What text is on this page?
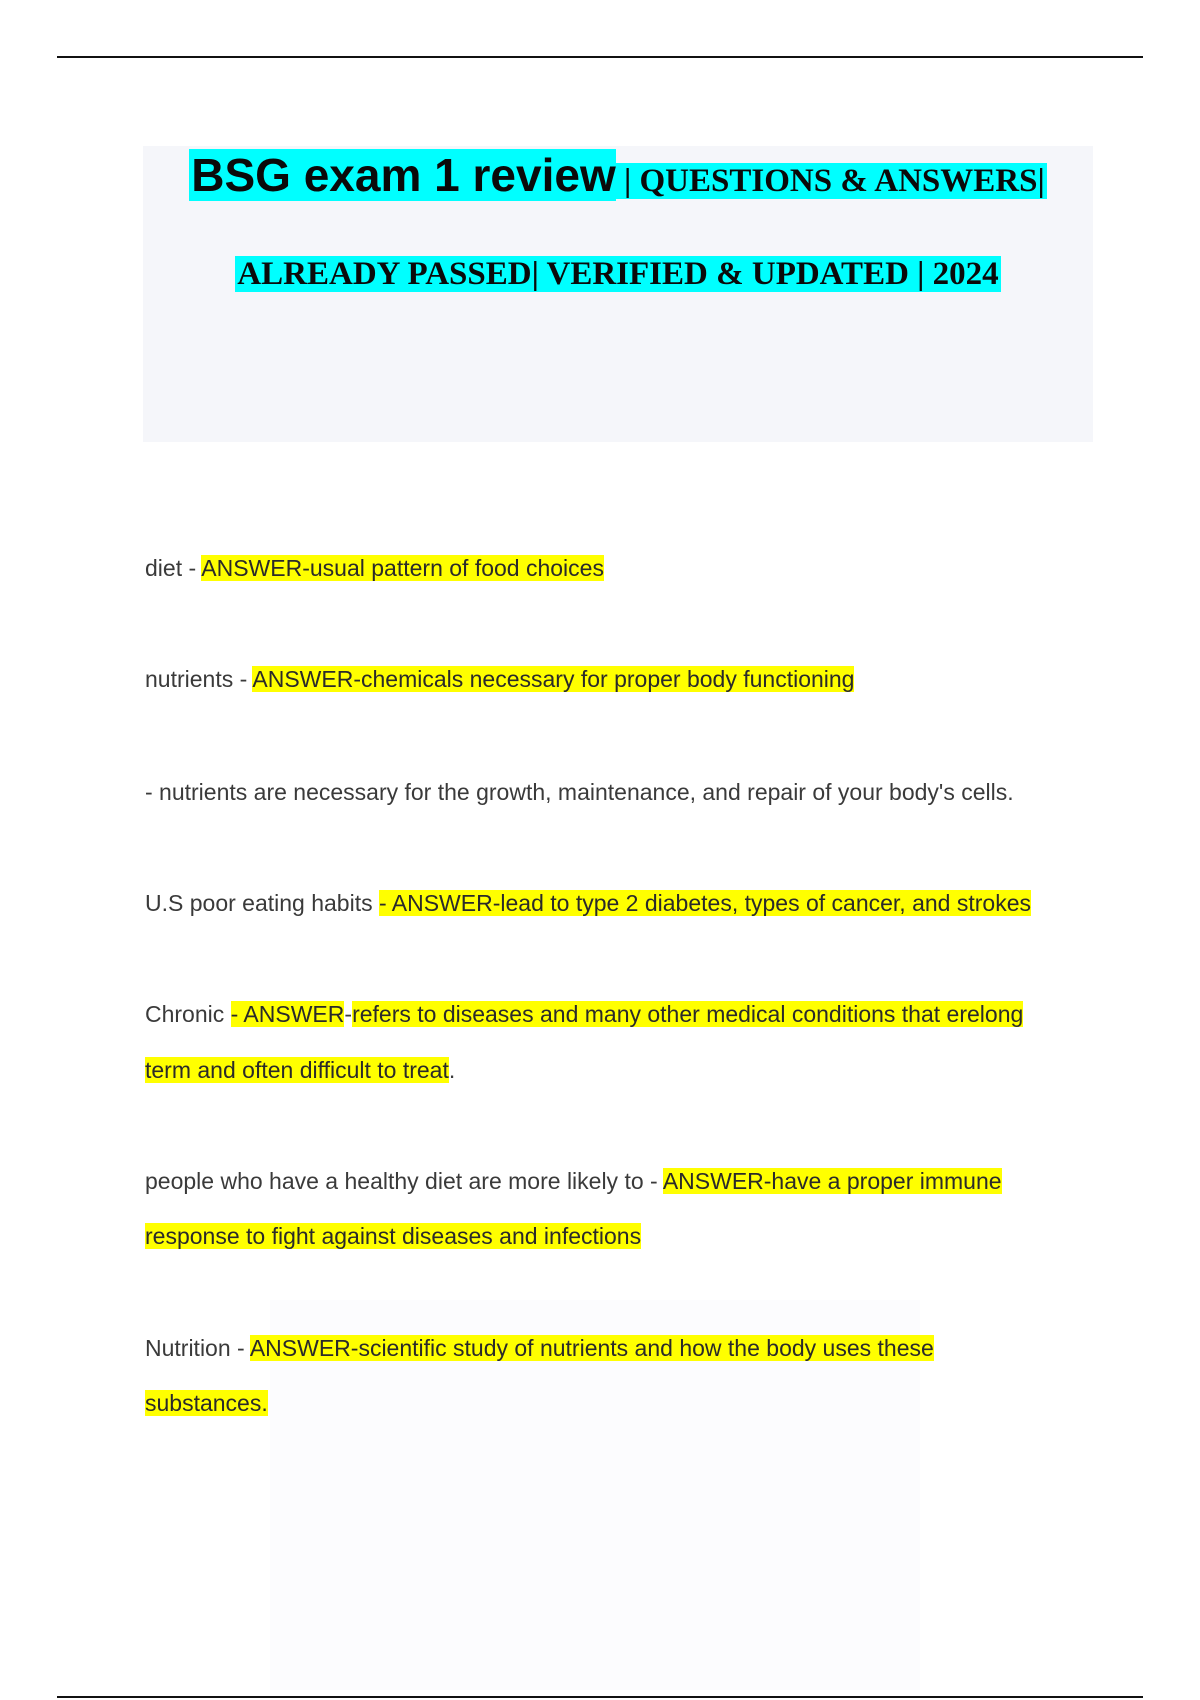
BSG exam 1 review | QUESTIONS & ANSWERS|
ALREADY PASSED| VERIFIED & UPDATED | 2024
diet - ANSWER-usual pattern of food choices
nutrients - ANSWER-chemicals necessary for proper body functioning
- nutrients are necessary for the growth, maintenance, and repair of your body's cells.
U.S poor eating habits - ANSWER-lead to type 2 diabetes, types of cancer, and strokes
Chronic - ANSWER-refers to diseases and many other medical conditions that erelong
term and often difficult to treat.
people who have a healthy diet are more likely to - ANSWER-have a proper immune
response to fight against diseases and infections
Nutrition - ANSWER-scientific study of nutrients and how the body uses these
substances.
